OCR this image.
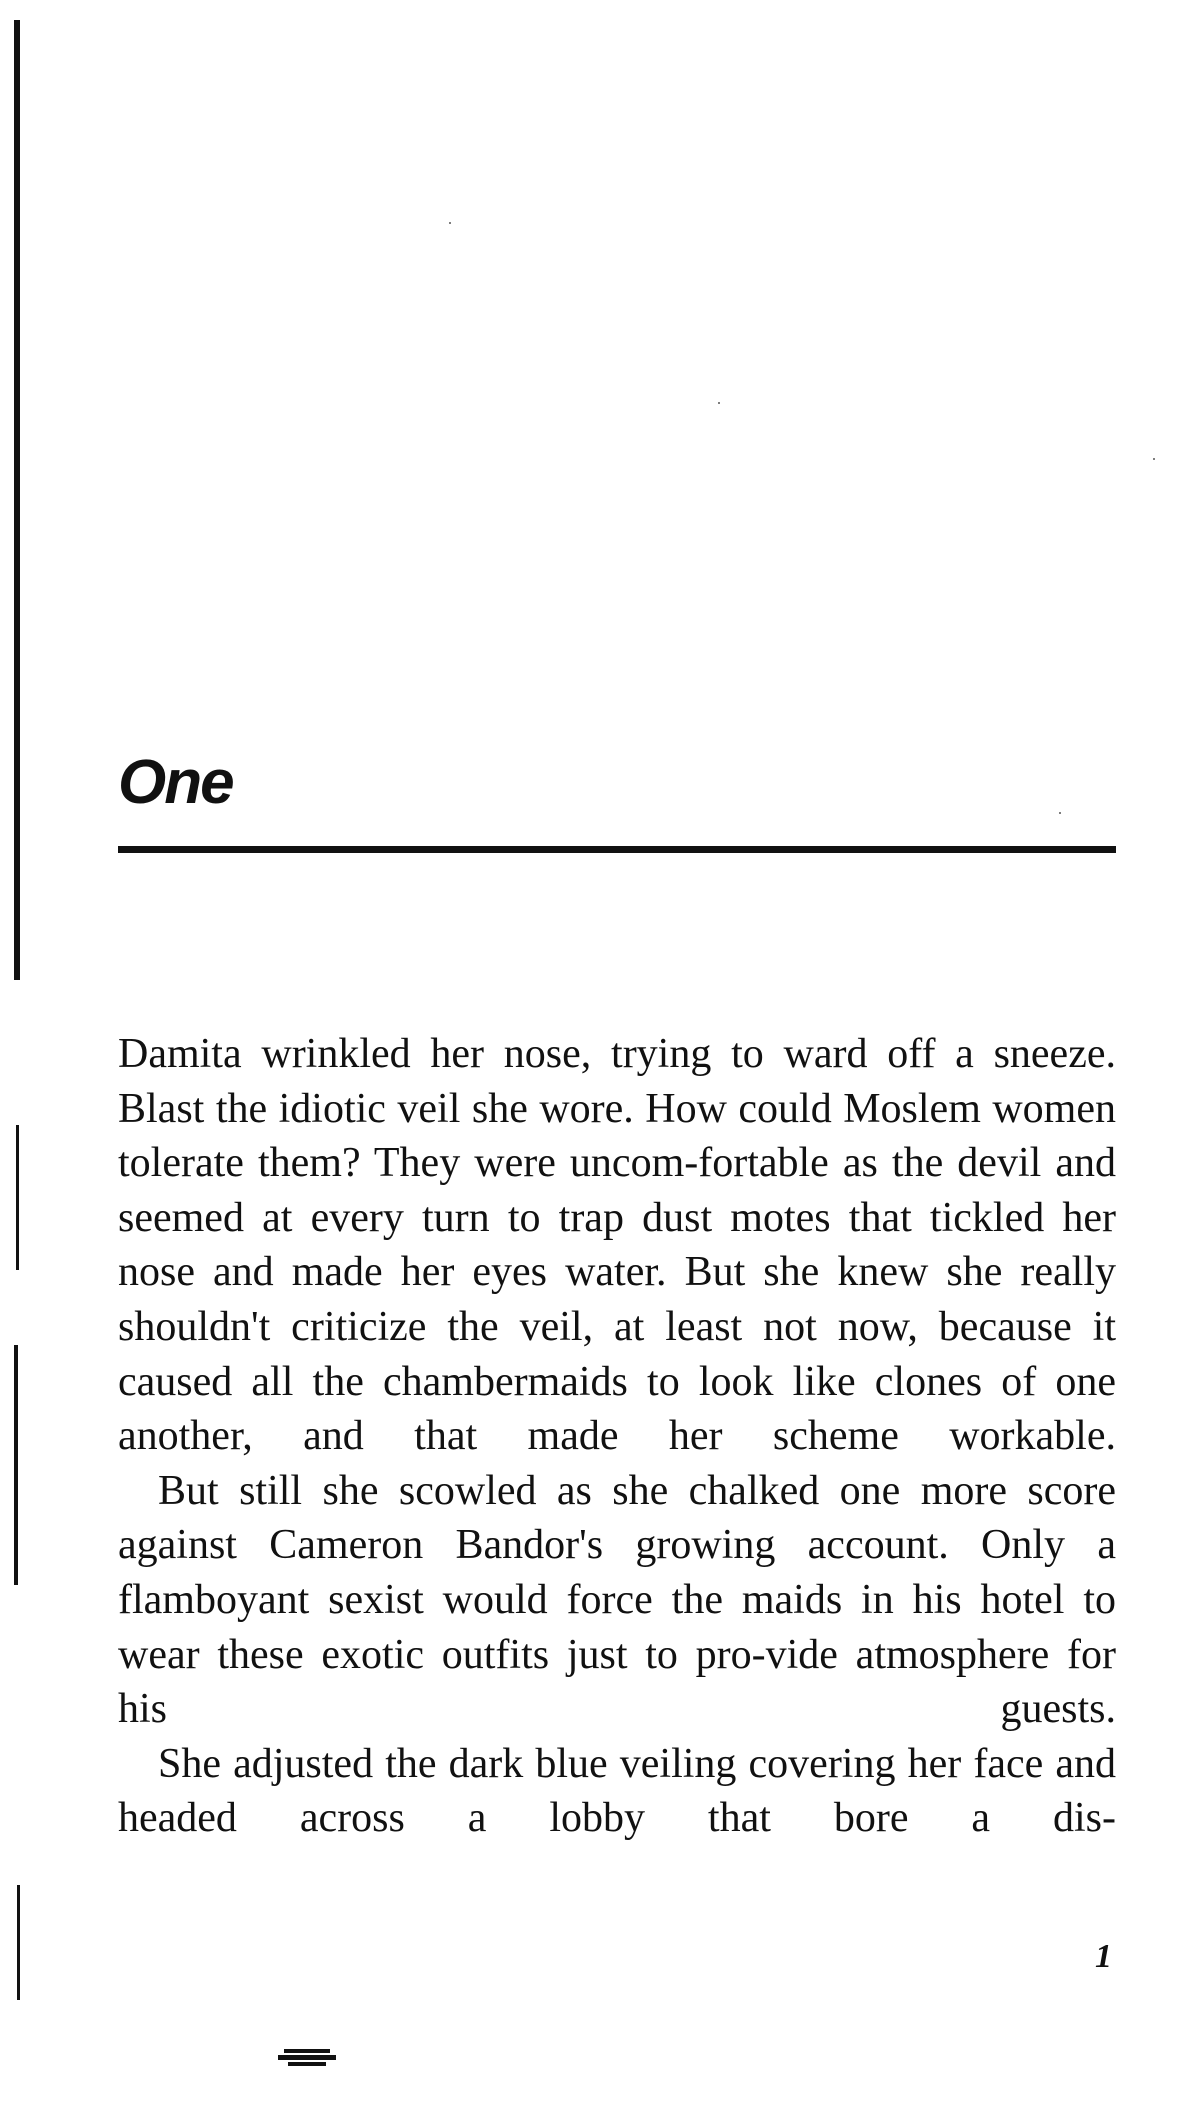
One

Damita wrinkled her nose, trying to ward off a sneeze. Blast the idiotic veil she wore. How could Moslem women tolerate them? They were uncom-fortable as the devil and seemed at every turn to trap dust motes that tickled her nose and made her eyes water. But she knew she really shouldn't criticize the veil, at least not now, because it caused all the chambermaids to look like clones of one another, and that made her scheme workable.

But still she scowled as she chalked one more score against Cameron Bandor's growing account. Only a flamboyant sexist would force the maids in his hotel to wear these exotic outfits just to pro-vide atmosphere for his guests.

She adjusted the dark blue veiling covering her face and headed across a lobby that bore a dis-

1
